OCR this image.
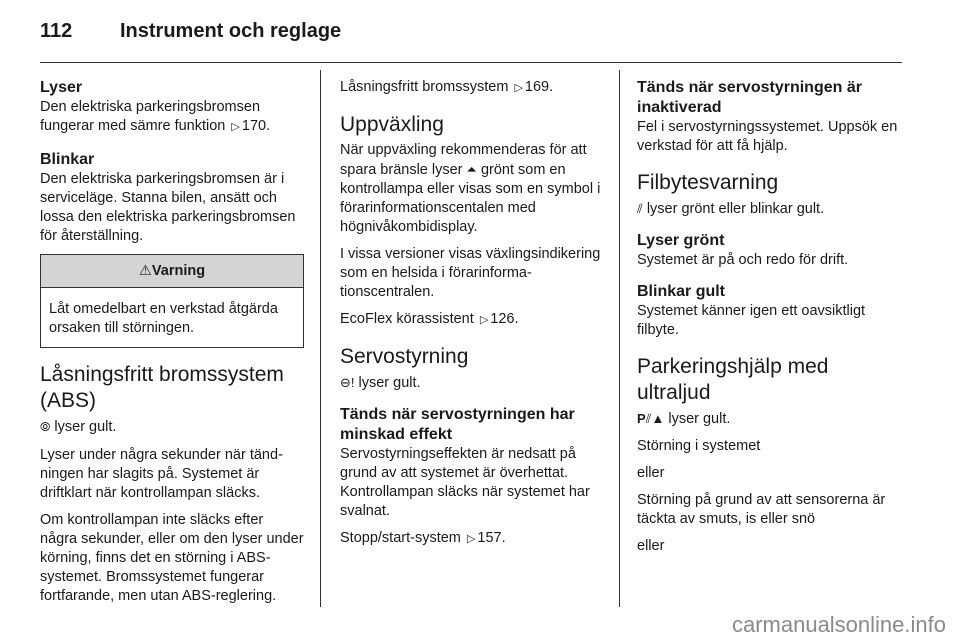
112 Instrument och reglage
Lyser

Den elektriska parkeringsbromsen fungerar med sämre funktion ▷ 170.

Blinkar

Den elektriska parkeringsbromsen är i serviceläge. Stanna bilen, ansätt och lossa den elektriska parkeringsbromsen för återställning.

⚠Varning
Låt omedelbart en verkstad åtgärda orsaken till störningen.
Låsningsfritt bromssystem (ABS)

⦾ lyser gult.

Lyser under några sekunder när tändningen har slagits på. Systemet är driftklart när kontrollampan släcks.

Om kontrollampan inte släcks efter några sekunder, eller om den lyser under körning, finns det en störning i ABS-systemet. Bromssystemet fungerar fortfarande, men utan ABS-reglering.

Låsningsfritt bromssystem ▷ 169.

Uppväxling

När uppväxling rekommenderas för att spara bränsle lyser ⏶ grönt som en kontrollampa eller visas som en symbol i förarinformationscentalen med högnivåkombidisplay.

I vissa versioner visas växlingsindikering som en helsida i förarinformationscentralen.

EcoFlex körassistent ▷ 126.

Servostyrning

⊖! lyser gult.

Tänds när servostyrningen har minskad effekt

Servostyrningseffekten är nedsatt på grund av att systemet är överhettat. Kontrollampan släcks när systemet har svalnat.

Stopp/start-system ▷ 157.

Tänds när servostyrningen är inaktiverad

Fel i servostyrningssystemet. Uppsök en verkstad för att få hjälp.

Filbytesvarning

⫽ lyser grönt eller blinkar gult.

Lyser grönt

Systemet är på och redo för drift.

Blinkar gult

Systemet känner igen ett oavsiktligt filbyte.

Parkeringshjälp med ultraljud

P⫽▲ lyser gult.

Störning i systemet

eller

Störning på grund av att sensorerna är täckta av smuts, is eller snö

eller

carmanualsonline.info
